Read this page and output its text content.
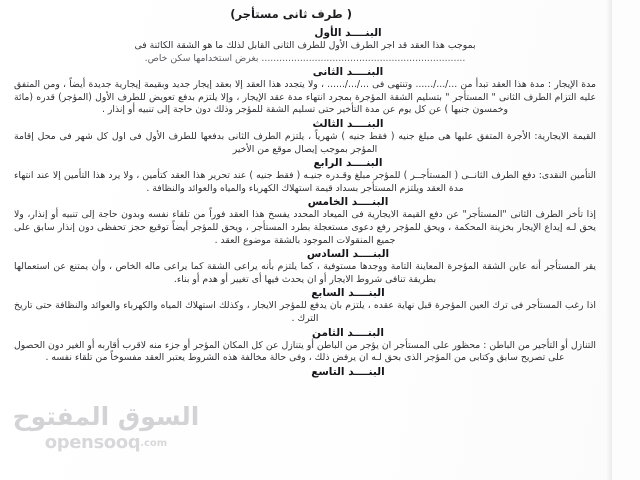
( طرف ثانى مستأجر)
البنــــد الأول

بموجب هذا العقد قد اجر الطرف الأول للطرف الثانى القابل لذلك ما هو الشقة الكائنة فى

..................................................................... بغرض استخدامها سكن خاص.

البنــــد الثانى

مدة الإيجار : مدة هذا العقد تبدأ من .../.../...... وتنتهى فى .../.../...... ، ولا يتجدد هذا العقد إلا بعقد إيجار جديد وبقيمة إيجارية جديدة أيضاً ، ومن المتفق عليه التزام الطرف الثانى " المستأجر " بتسليم الشقة المؤجرة بمجرد انتهاء مدة عقد الإيجار ، وإلا يلتزم بدفع تعويض للطرف الأول (المؤجر) قدره (مائة وخمسون جنيها ) عن كل يوم عن مدة التأخير حتى تسليم الشقة للمؤجر وذلك دون حاجة إلى تنبيه أو إنذار .

البنــــد الثالث

القيمة الايجارية: الأجرة المتفق عليها هى مبلغ جنيه ( فقط جنيه ) شهرياً ، يلتزم الطرف الثانى بدفعها للطرف الأول فى اول كل شهر فى محل إقامة المؤجر بموجب إيصال موقع من الأخير

البنــــد الرابع

التأمين النقدى: دفع الطرف الثانــى ( المستأجــر ) للمؤجر مبلغ وقـدره جنيـه ( فقط جنيه ) عند تحرير هذا العقد كتأمين ، ولا يرد هذا التأمين إلا عند انتهاء مدة العقد ويلتزم المستأجر بسداد قيمة استهلاك الكهرباء والمياه والعوائد والنظافة .

البنــــد الخامس

إذا تأخر الطرف الثانى "المستأجر" عن دفع القيمة الايجارية فى الميعاد المحدد يفسخ هذا العقد فوراً من تلقاء نفسه وبدون حاجة إلى تنبيه أو إنذار، ولا يحق لـه إيداع الإيجار بخزينة المحكمة ، ويحق للمؤجر رفع دعوى مستعجلة بطرد المستأجر ، ويحق للمؤجر أيضاً توقيع حجز تحفظى دون إنذار سابق على جميع المنقولات الموجود بالشقة موضوع العقد .

البنــــد السادس

يقر المستأجر أنه عاين الشقة المؤجرة المعاينة التامة ووجدها مستوفية ، كما يلتزم بأنه يراعى الشقة كما يراعى ماله الخاص ، وأن يمتنع عن استعمالها بطريقة تنافى شروط الايجار أو ان يحدث فيها أى تغيير أو هدم أو بناء.

البنــــد السابع

اذا رغب المستأجر فى ترك العين المؤجرة قبل نهاية عقده ، يلتزم بان يدفع للمؤجر الايجار ، وكذلك استهلاك المياه والكهرباء والعوائد والنظافة حتى تاريخ الترك .

البنــــد الثامن

التنازل أو التأجير من الباطن : محظور على المستأجر ان يؤجر من الباطن أو يتنازل عن كل المكان المؤجر أو جزء منه لاقرب أقاربه أو الغير دون الحصول على تصريح سابق وكتابى من المؤجر الذى بحق لـه ان يرفض ذلك ، وفى حالة مخالفة هذه الشروط يعتبر العقد مفسوخاً من تلقاء نفسه .

البنــــد التاسع
السوق المفتوح
opensooq.com
